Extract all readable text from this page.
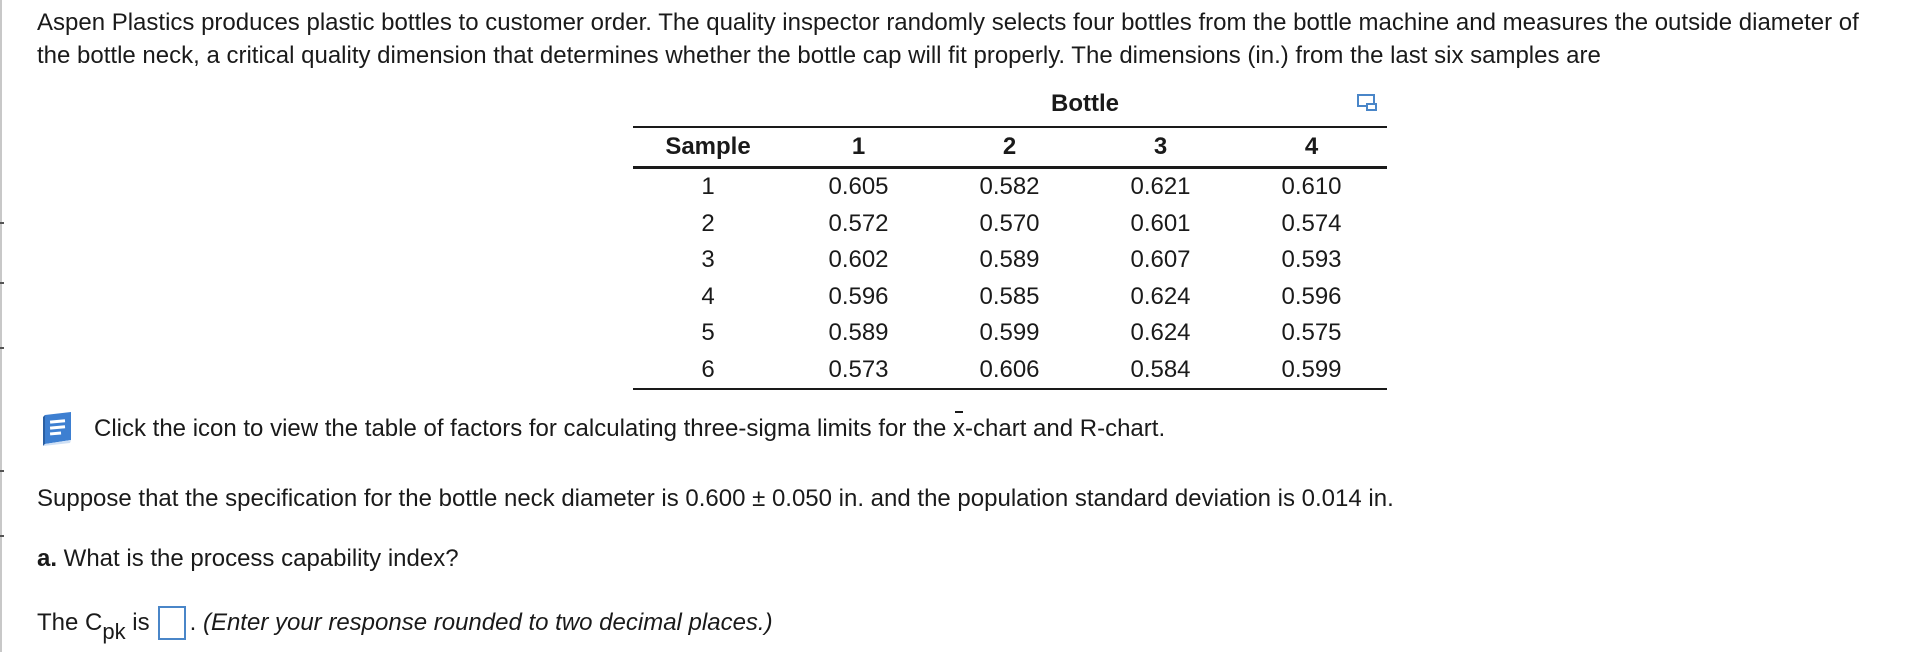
Aspen Plastics produces plastic bottles to customer order. The quality inspector randomly selects four bottles from the bottle machine and measures the outside diameter of the bottle neck, a critical quality dimension that determines whether the bottle cap will fit properly. The dimensions (in.) from the last six samples are

Bottle
Sample	1	2	3	4
1	0.605	0.582	0.621	0.610
2	0.572	0.570	0.601	0.574
3	0.602	0.589	0.607	0.593
4	0.596	0.585	0.624	0.596
5	0.589	0.599	0.624	0.575
6	0.573	0.606	0.584	0.599
Click the icon to view the table of factors for calculating three-sigma limits for the x-chart and R-chart.
Suppose that the specification for the bottle neck diameter is 0.600 ± 0.050 in. and the population standard deviation is 0.014 in.
a. What is the process capability index?
The C pk is . (Enter your response rounded to two decimal places.)
